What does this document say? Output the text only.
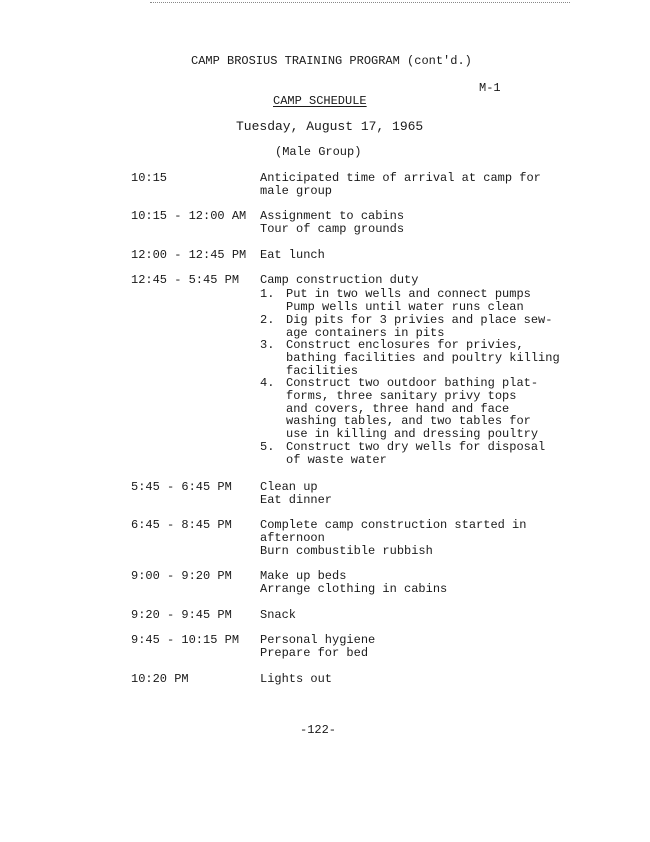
CAMP BROSIUS TRAINING PROGRAM (cont'd.)
M-1
CAMP SCHEDULE
Tuesday, August 17, 1965
(Male Group)
10:15	Anticipated time of arrival at camp for
male group
10:15 - 12:00 AM Assignment to cabins
Tour of camp grounds
12:00 - 12:45 PM Eat lunch
12:45 - 5:45 PM Camp construction duty
1. Put in two wells and connect pumps
Pump wells until water runs clean
2. Dig pits for 3 privies and place sew-
age containers in pits
3. Construct enclosures for privies,
bathing facilities and poultry killing
facilities
4. Construct two outdoor bathing plat-
forms, three sanitary privy tops
and covers, three hand and face
washing tables, and two tables for
use in killing and dressing poultry
5. Construct two dry wells for disposal
of waste water
5:45 - 6:45 PM Clean up
Eat dinner
6:45 - 8:45 PM Complete camp construction started in
afternoon
Burn combustible rubbish
9:00 - 9:20 PM Make up beds
Arrange clothing in cabins
9:20 - 9:45 PM Snack
9:45 - 10:15 PM Personal hygiene
Prepare for bed
10:20 PM	Lights out
-122-
